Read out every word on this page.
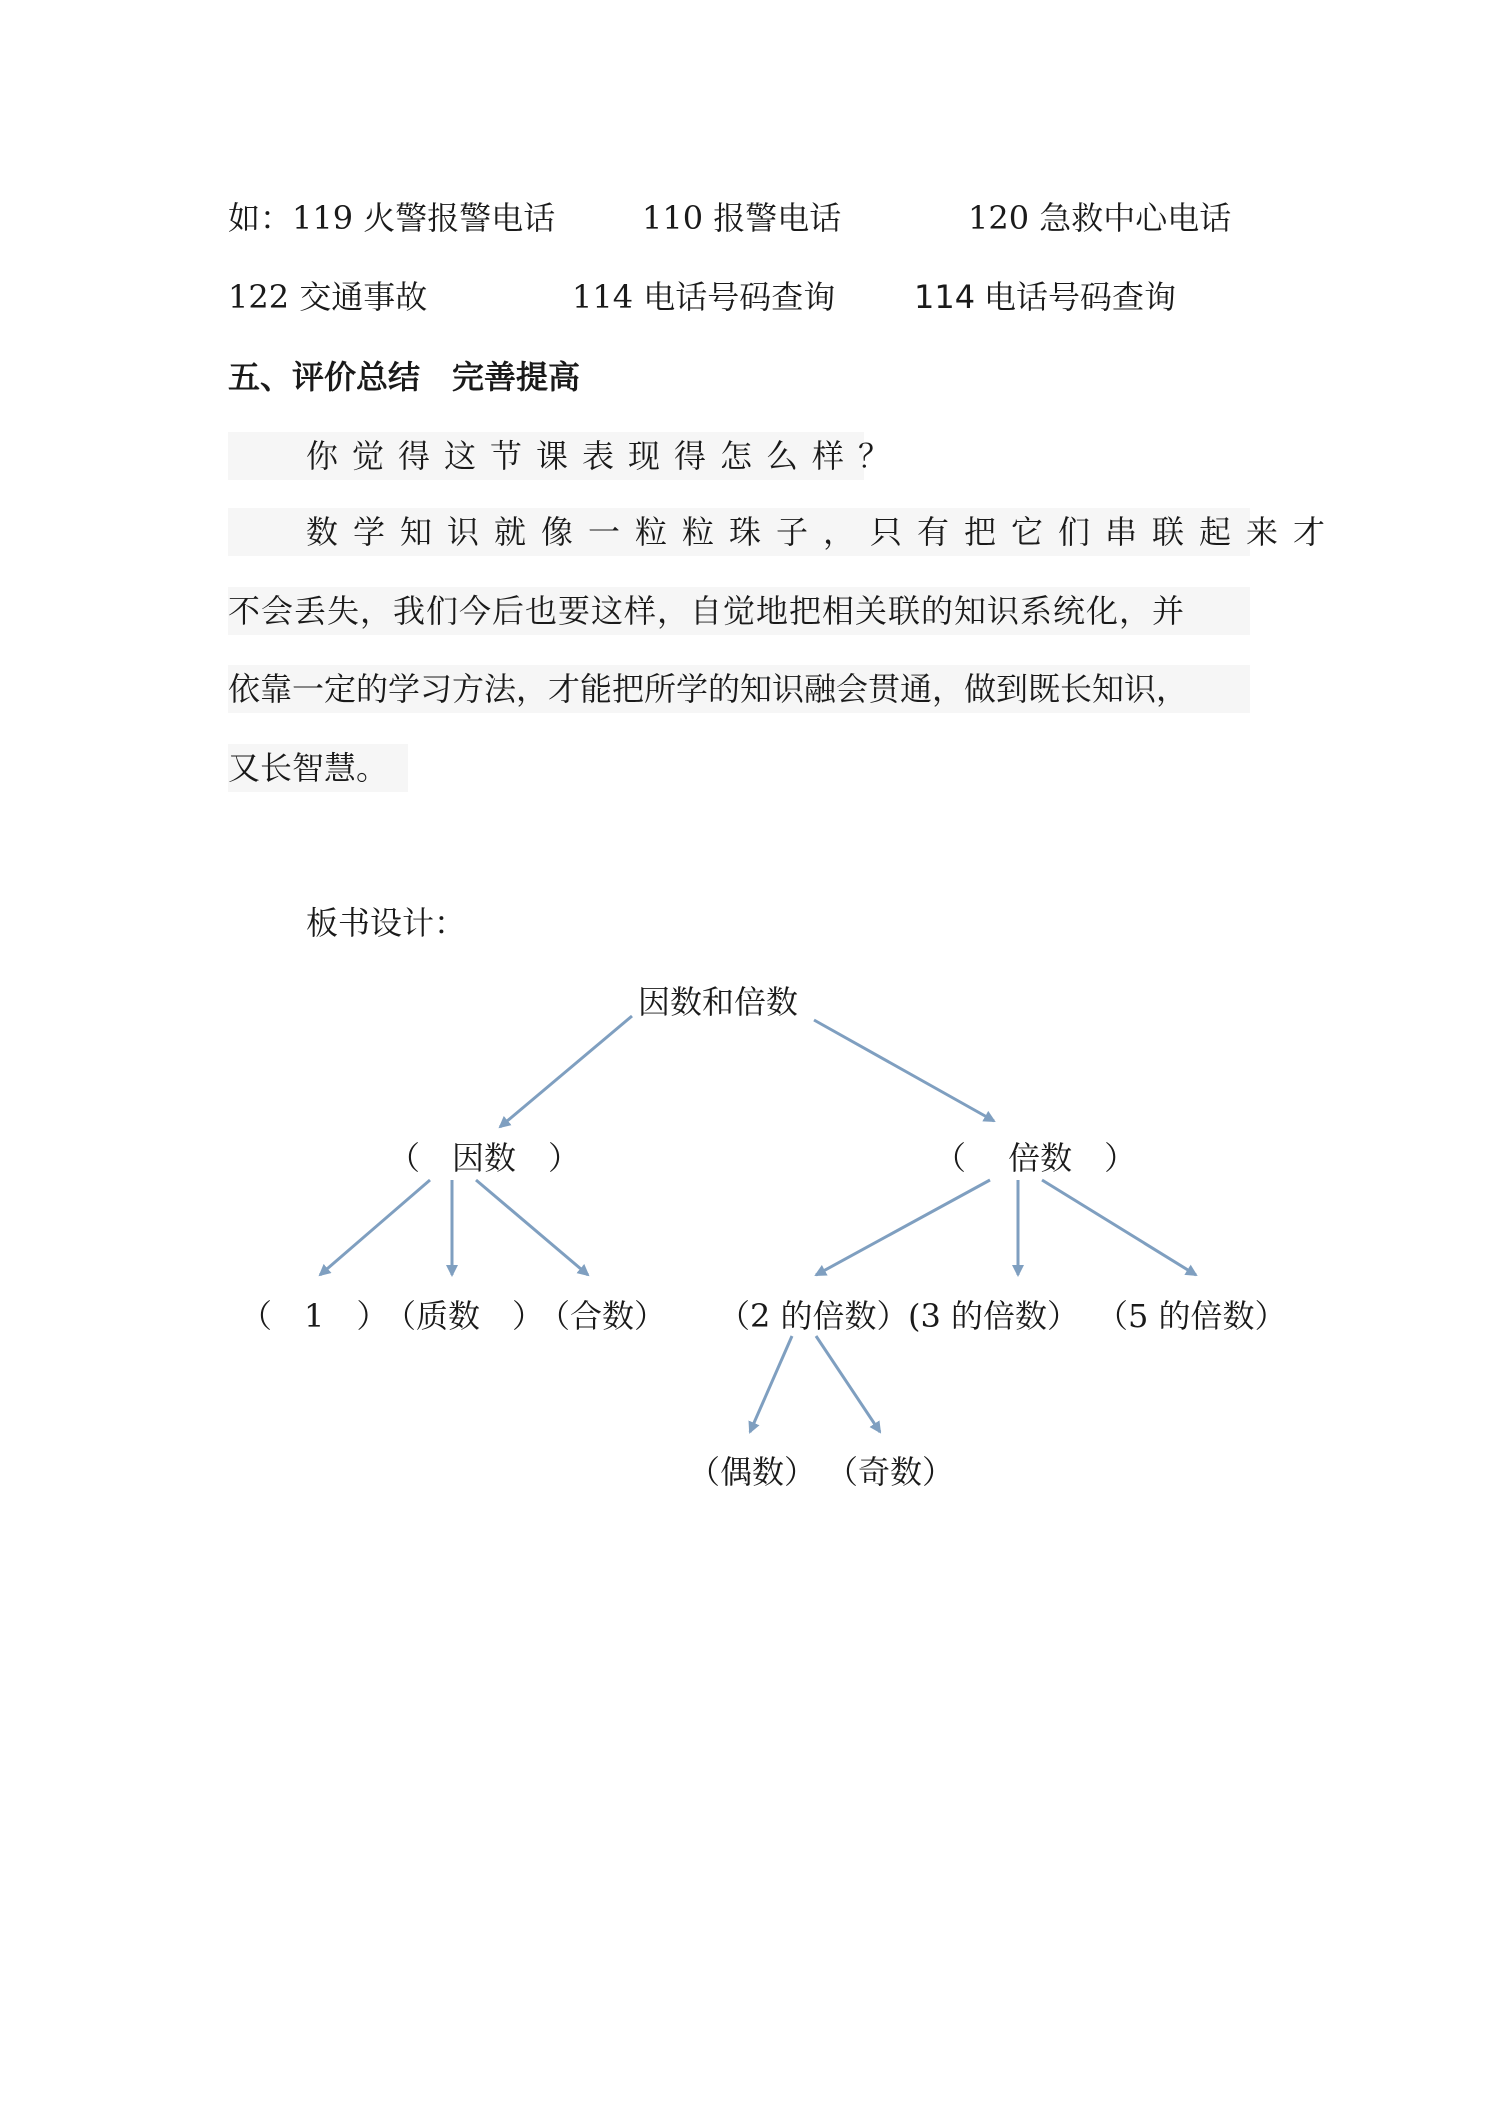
如：119 火警报警电话	110 报警电话	120 急救中心电话
122 交通事故	114 电话号码查询 114 电话号码查询
五、评价总结　完善提高
你觉得这节课表现得怎么样？
数学知识就像一粒粒珠子，只有把它们串联起来才
不会丢失，我们今后也要这样，自觉地把相关联的知识系统化，并
依靠一定的学习方法，才能把所学的知识融会贯通，做到既长知识，
又长智慧。
板书设计：
因数和倍数
（　因数　）	（　 倍数　）
（　1　）
（质数　）
（合数） （2 的倍数） (3 的倍数） （5 的倍数）
（偶数） （奇数）
